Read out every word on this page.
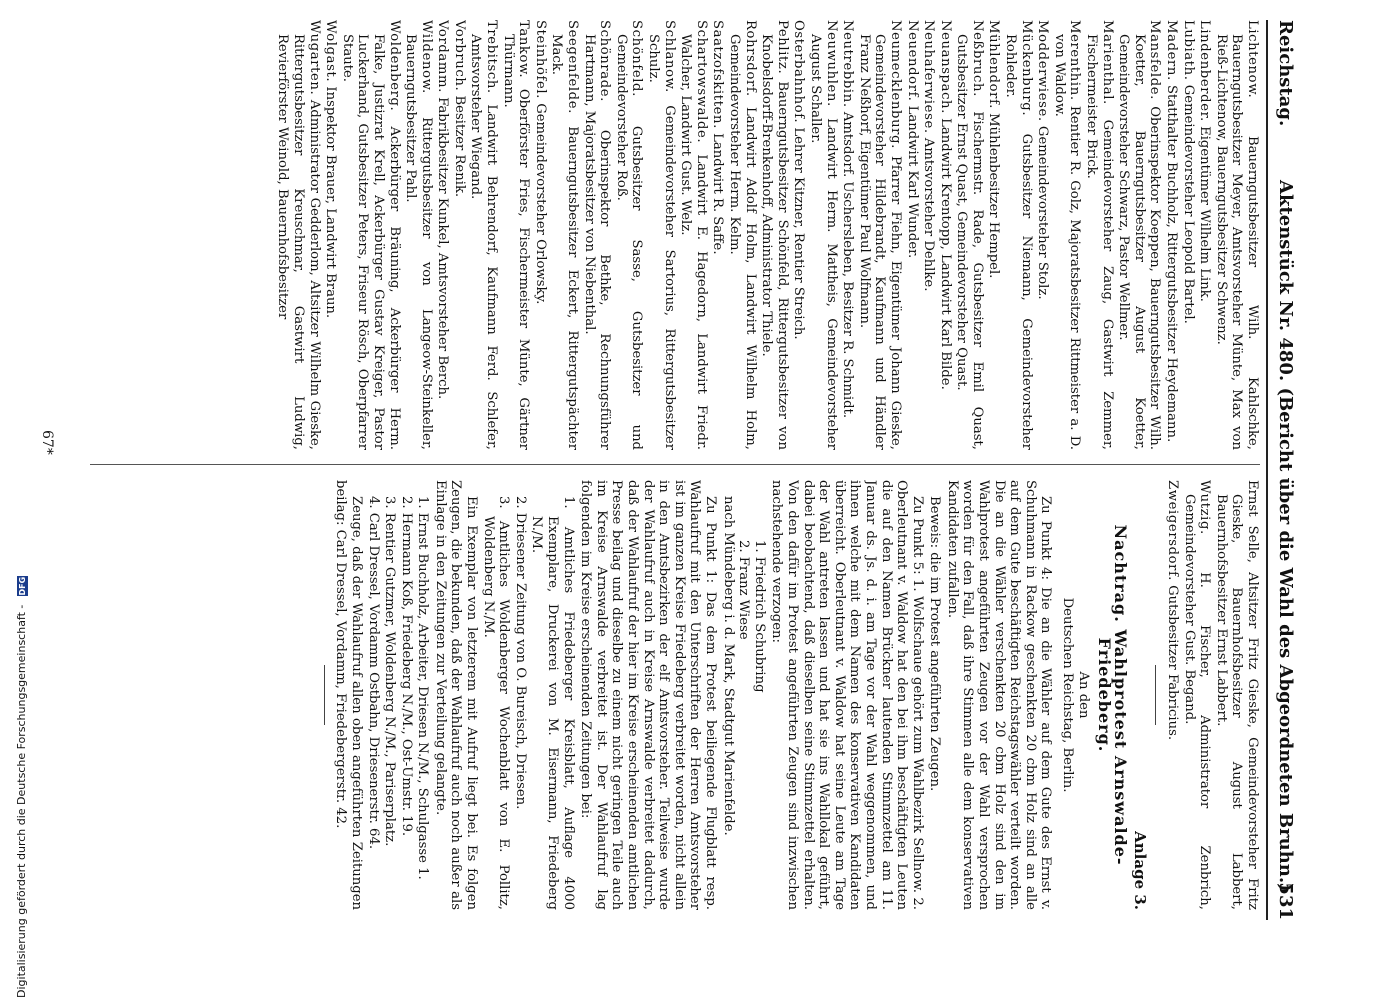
Reichstag.
Aktenstück Nr. 480. (Bericht über die Wahl des Abgeordneten Bruhn.)
531

Lichtenow. Bauerngutsbesitzer Wilh. Kahlschke, Bauerngutsbesitzer Meyer, Amtsvorsteher Münte, Max von Rieß-Lichtenow, Bauerngutsbesitzer Schwenz.

Lindenberder. Eigentümer Wilhelm Link.

Lubiath. Gemeindevorsteher Leopold Bartel.

Madern. Statthalter Buchholz, Rittergutsbesitzer Heydemann.

Mansfelde. Oberinspektor Koeppen, Bauerngutsbesitzer Wilh. Koetter, Bauerngutsbesitzer August Koetter, Gemeindevorsteher Schwarz, Pastor Wellmer.

Marienthal. Gemeindevorsteher Zaug, Gastwirt Zemmer, Fischermeister Brick.

Merenthin. Rentier R. Golz, Majoratsbesitzer Rittmeister a. D. von Waldow.

Modderwiese. Gemeindevorsteher Stolz.

Mückenburg. Gutsbesitzer Niemann, Gemeindevorsteher Rohleder.

Mühlendorf. Mühlenbesitzer Hempel.

Neßbruch. Fischermstr. Rade, Gutsbesitzer Emil Quast, Gutsbesitzer Ernst Quast, Gemeindevorsteher Quast.

Neuanspach. Landwirt Krentopp, Landwirt Karl Bilde.

Neuhaferwiese. Amtsvorsteher Dehlke.

Neuendorf. Landwirt Karl Wunder.

Neumecklenburg. Pfarrer Fiehn, Eigentümer Johann Gieske, Gemeindevorsteher Hildebrandt, Kaufmann und Händler Franz Neßhorf, Eigentümer Paul Wolfmann.

Neutrebbin. Amtsdorf. Uschersleben, Besitzer R. Schmidt.

Neuwuhlen. Landwirt Herm. Mattheis, Gemeindevorsteher August Schaller.

Osterbahnhof. Lehrer Kitzner, Rentier Streich.

Pehlitz. Bauerngutsbesitzer Schönfeld, Rittergutsbesitzer von Knobelsdorff-Brenkenhoff, Administrator Thiele.

Rohrsdorf. Landwirt Adolf Holm, Landwirt Wilhelm Holm, Gemeindevorsteher Herm. Kelm.

Saatzofskitten. Landwirt R. Saffe.

Schartowswalde. Landwirt E. Hagedorn, Landwirt Friedr. Walcher, Landwirt Gust. Welz.

Schlanow. Gemeindevorsteher Sartorius, Rittergutsbesitzer Schulz.

Schönfeld. Gutsbesitzer Sasse, Gutsbesitzer und Gemeindevorsteher Roß.

Schönrade. Oberinspektor Bethke, Rechnungsführer Hartmann, Majoratsbesitzer von Niebenthal.

Seegenfelde. Bauerngutsbesitzer Eckert, Rittergutspächter Mack.

Steinhöfel. Gemeindevorsteher Orlowsky.

Tankow. Oberförster Fries, Fischermeister Münte, Gärtner Thürmann.

Trebitsch. Landwirt Behrendorf, Kaufmann Ferd. Schlefer, Amtsvorsteher Wiegand.

Vorbruch. Besitzer Renik.

Vordamm. Fabrikbesitzer Kunkel, Amtsvorsteher Berch.

Wildenow. Rittergutsbesitzer von Langeow-Steinkeller, Bauerngutsbesitzer Pahl.

Woldenberg. Ackerbürger Bräuning, Ackerbürger Herm. Falke, Justizrat Krell, Ackerbürger Gustav Kreiger, Pastor Luckerhand, Gutsbesitzer Peters, Friseur Rösch, Oberpfarrer Staute.

Wolgast. Inspektor Brauer, Landwirt Braun.

Wugarten. Administrator Gedderlom, Altsitzer Wilhelm Gieske, Rittergutsbesitzer Kreuschmar, Gastwirt Ludwig, Revierförster Weinold, Bauernhofsbesitzer

Ernst Selle, Altsitzer Fritz Gieske, Gemeindevorsteher Fritz Gieske, Bauernhofsbesitzer August Labbert, Bauernhofsbesitzer Ernst Labbert.

Wutzig. H. Fischer, Administrator Zenbrich, Gemeindevorsteher Gust. Begand.

Zweigersdorf. Gutsbesitzer Fabricius.

Anlage 3.

Nachtrag. Wahlprotest Arnswalde-Friedeberg.

An den

Deutschen Reichstag, Berlin.

Zu Punkt 4: Die an die Wähler auf dem Gute des Ernst v. Schuhmann in Rackow geschenkten 20 cbm Holz sind an alle auf dem Gute beschäftigten Reichstagswähler verteilt worden. Die an die Wähler verschenkten 20 cbm Holz sind den im Wahlprotest angeführten Zeugen vor der Wahl versprochen worden für den Fall, daß ihre Stimmen alle dem konservativen Kandidaten zufallen.

Beweis: die im Protest angeführten Zeugen.

Zu Punkt 5: 1. Wolfschaue gehört zum Wahlbezirk Sellnow. 2. Oberleutnant v. Waldow hat den bei ihm beschäftigten Leuten die auf den Namen Brückner lautenden Stimmzettel am 11. Januar ds. Js. d. i. am Tage vor der Wahl weggenommen, und ihnen welche mit dem Namen des konservativen Kandidaten überreicht. Oberleutnant v. Waldow hat seine Leute am Tage der Wahl antreten lassen und hat sie ins Wahllokal geführt, dabei beobachtend, daß dieselben seine Stimmzettel erhalten. Von den dafür im Protest angeführten Zeugen sind inzwischen nachstehende verzogen:

1. Friedrich Schubring

2. Franz Wiese

nach Mündeberg i. d. Mark, Stadtgut Marienfelde.

Zu Punkt 1: Das dem Protest beiliegende Flugblatt resp. Wahlaufruf mit den Unterschriften der Herren Amtsvorsteher ist im ganzen Kreise Friedeberg verbreitet worden, nicht allein in den Amtsbezirken der elf Amtsvorsteher. Teilweise wurde der Wahlaufruf auch in Kreise Arnswalde verbreitet dadurch, daß der Wahlaufruf der hier im Kreise erscheinenden amtlichen Presse beilag und dieselbe zu einem nicht geringen Teile auch im Kreise Arnswalde verbreitet ist. Der Wahlaufruf lag folgenden im Kreise erscheinenden Zeitungen bei:

1. Amtliches Friedeberger Kreisblatt, Auflage 4000 Exemplare, Druckerei von M. Eisermann, Friedeberg N./M.

2. Driesener Zeitung von O. Bureisch, Driesen.

3. Amtliches Woldenberger Wochenblatt von E. Pollitz, Woldenberg N./M.

Ein Exemplar von letzterem mit Aufruf liegt bei. Es folgen Zeugen, die bekunden, daß der Wahlaufruf auch noch außer als Einlage in den Zeitungen zur Verteilung gelangte.

1. Ernst Buchholz, Arbeiter, Driesen N./M., Schulgasse 1.

2. Hermann Koß, Friedeberg N./M., Ost-Umstr. 19.

3. Rentier Gutzmer, Woldenberg N./M., Pariserplatz.

4. Carl Dressel, Vordamm Ostbahn, Driesenerstr. 64.

Zeuge, daß der Wahlaufruf allen oben angeführten Zeitungen beilag: Carl Dressel, Vordamm, Friedebergerstr. 42.

67*
Digitalisierung gefördert durch die Deutsche Forschungsgemeinschaft - DFG
